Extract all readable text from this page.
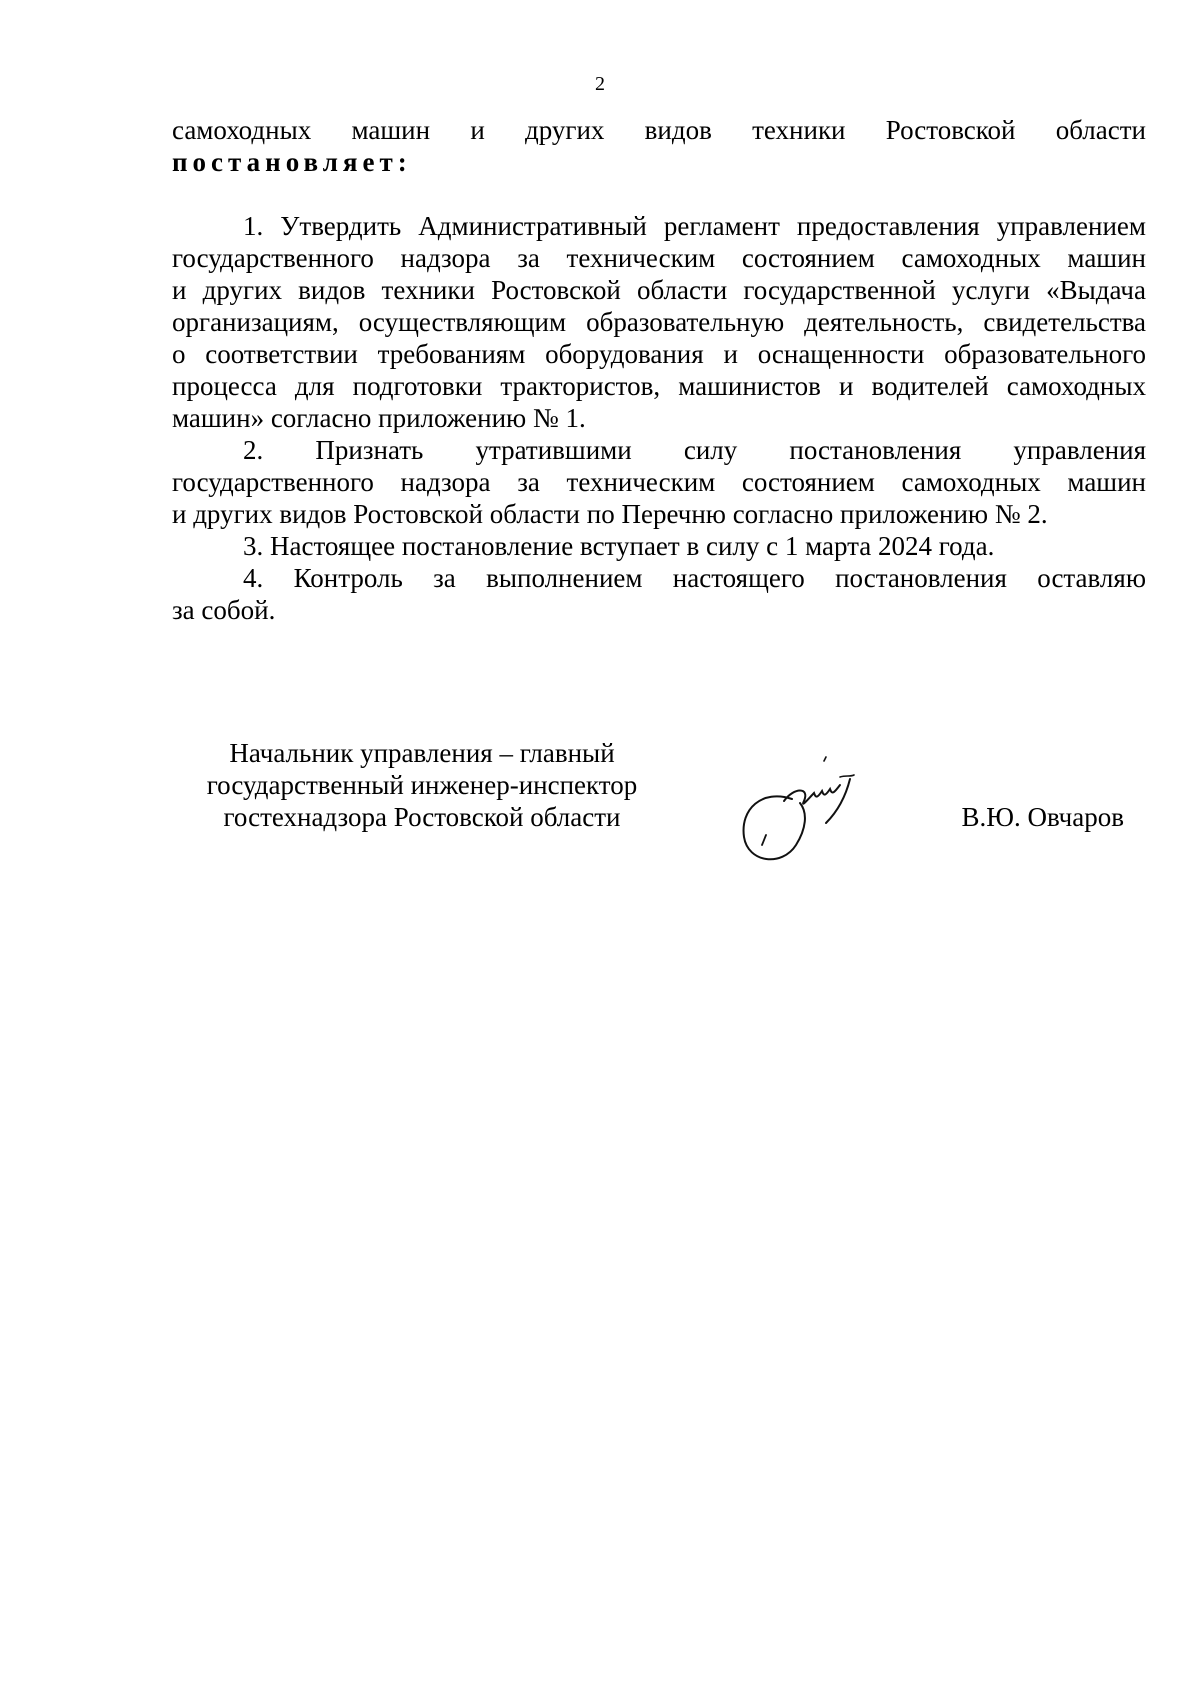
2
самоходных машин и других видов техники Ростовской области
постановляет:
1. Утвердить Административный регламент предоставления управлением
государственного надзора за техническим состоянием самоходных машин
и других видов техники Ростовской области государственной услуги «Выдача
организациям, осуществляющим образовательную деятельность, свидетельства
о соответствии требованиям оборудования и оснащенности образовательного
процесса для подготовки трактористов, машинистов и водителей самоходных
машин» согласно приложению № 1.
2. Признать утратившими силу постановления управления
государственного надзора за техническим состоянием самоходных машин
и других видов Ростовской области по Перечню согласно приложению № 2.
3. Настоящее постановление вступает в силу с 1 марта 2024 года.
4. Контроль за выполнением настоящего постановления оставляю
за собой.
Начальник управления – главный
государственный инженер-инспектор
гостехнадзора Ростовской области	В.Ю. Овчаров
